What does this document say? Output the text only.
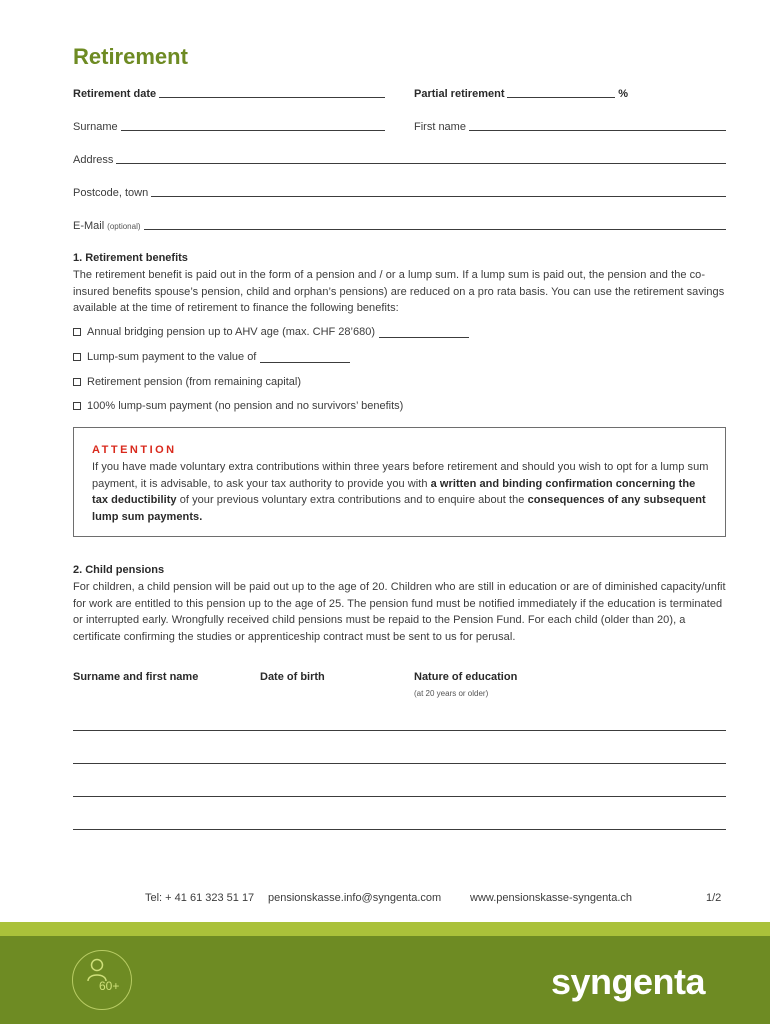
Retirement
Retirement date	Partial retirement	%
Surname	First name
Address
Postcode, town
E-Mail (optional)
1. Retirement benefits
The retirement benefit is paid out in the form of a pension and / or a lump sum. If a lump sum is paid out, the pension and the co-insured benefits spouse’s pension, child and orphan’s pensions) are reduced on a pro rata basis. You can use the retirement savings available at the time of retirement to finance the following benefits:
Annual bridging pension up to AHV age (max. CHF 28’680)
Lump-sum payment to the value of
Retirement pension (from remaining capital)
100% lump-sum payment (no pension and no survivors’ benefits)
ATTENTION
If you have made voluntary extra contributions within three years before retirement and should you wish to opt for a lump sum payment, it is advisable, to ask your tax authority to provide you with a written and binding confirmation concerning the tax deductibility of your previous voluntary extra contributions and to enquire about the consequences of any subsequent lump sum payments.
2. Child pensions
For children, a child pension will be paid out up to the age of 20. Children who are still in education or are of diminished capacity/unfit for work are entitled to this pension up to the age of 25. The pension fund must be notified immediately if the education is terminated or interrupted early. Wrongfully received child pensions must be repaid to the Pension Fund. For each child (older than 20), a certificate confirming the studies or apprenticeship contract must be sent to us for perusal.
Surname and first name	Date of birth	Nature of education
(at 20 years or older)
Tel: + 41 61 323 51 17 pensionskasse.info@syngenta.com	www.pensionskasse-syngenta.ch	1/2
60+	syngenta
